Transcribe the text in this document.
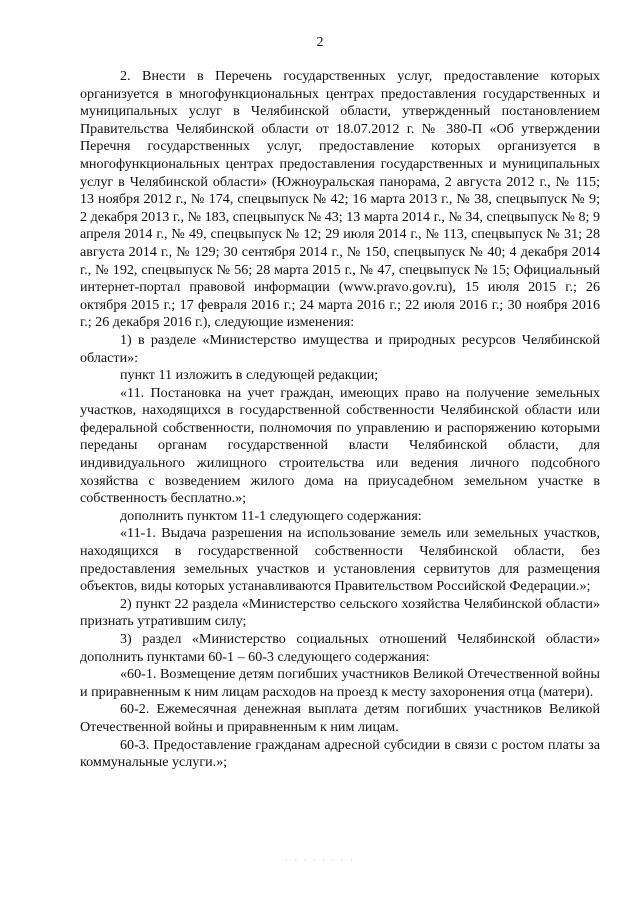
2

2. Внести в Перечень государственных услуг, предоставление которых организуется в многофункциональных центрах предоставления государственных и муниципальных услуг в Челябинской области, утвержденный постановлением Правительства Челябинской области от 18.07.2012 г. № 380-П «Об утверждении Перечня государственных услуг, предоставление которых организуется в многофункциональных центрах предоставления государственных и муниципальных услуг в Челябинской области» (Южноуральская панорама, 2 августа 2012 г., № 115; 13 ноября 2012 г., № 174, спецвыпуск № 42; 16 марта 2013 г., № 38, спецвыпуск № 9; 2 декабря 2013 г., № 183, спецвыпуск № 43; 13 марта 2014 г., № 34, спецвыпуск № 8; 9 апреля 2014 г., № 49, спецвыпуск № 12; 29 июля 2014 г., № 113, спецвыпуск № 31; 28 августа 2014 г., № 129; 30 сентября 2014 г., № 150, спецвыпуск № 40; 4 декабря 2014 г., № 192, спецвыпуск № 56; 28 марта 2015 г., № 47, спецвыпуск № 15; Официальный интернет-портал правовой информации (www.pravo.gov.ru), 15 июля 2015 г.; 26 октября 2015 г.; 17 февраля 2016 г.; 24 марта 2016 г.; 22 июля 2016 г.; 30 ноября 2016 г.; 26 декабря 2016 г.), следующие изменения:

1) в разделе «Министерство имущества и природных ресурсов Челябинской области»:

пункт 11 изложить в следующей редакции;

«11. Постановка на учет граждан, имеющих право на получение земельных участков, находящихся в государственной собственности Челябинской области или федеральной собственности, полномочия по управлению и распоряжению которыми переданы органам государственной власти Челябинской области, для индивидуального жилищного строительства или ведения личного подсобного хозяйства с возведением жилого дома на приусадебном земельном участке в собственность бесплатно.»;

дополнить пунктом 11-1 следующего содержания:

«11-1. Выдача разрешения на использование земель или земельных участков, находящихся в государственной собственности Челябинской области, без предоставления земельных участков и установления сервитутов для размещения объектов, виды которых устанавливаются Правительством Российской Федерации.»;

2) пункт 22 раздела «Министерство сельского хозяйства Челябинской области» признать утратившим силу;

3) раздел «Министерство социальных отношений Челябинской области» дополнить пунктами 60-1 – 60-3 следующего содержания:

«60-1. Возмещение детям погибших участников Великой Отечественной войны и приравненным к ним лицам расходов на проезд к месту захоронения отца (матери).

60-2. Ежемесячная денежная выплата детям погибших участников Великой Отечественной войны и приравненным к ним лицам.

60-3. Предоставление гражданам адресной субсидии в связи с ростом платы за коммунальные услуги.»;

· · · · · · · ·
